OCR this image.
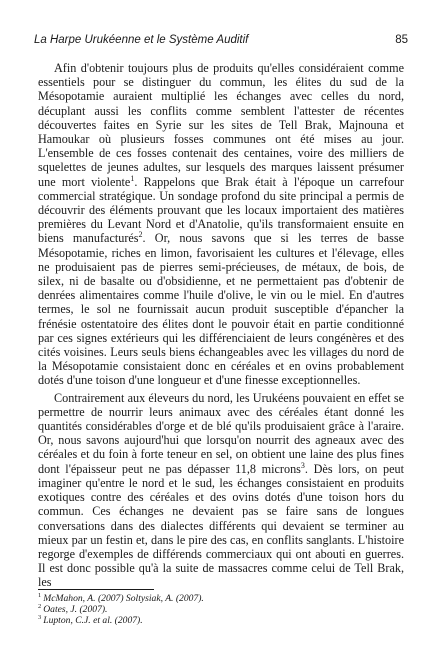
La Harpe Urukéenne et le Système Auditif	85

Afin d'obtenir toujours plus de produits qu'elles considéraient comme essentiels pour se distinguer du commun, les élites du sud de la Mésopotamie auraient multiplié les échanges avec celles du nord, décuplant aussi les conflits comme semblent l'attester de récentes découvertes faites en Syrie sur les sites de Tell Brak, Majnouna et Hamoukar où plusieurs fosses communes ont été mises au jour. L'ensemble de ces fosses contenait des centaines, voire des milliers de squelettes de jeunes adultes, sur lesquels des marques laissent présumer une mort violente$^1$. Rappelons que Brak était à l'époque un carrefour commercial stratégique. Un sondage profond du site principal a permis de découvrir des éléments prouvant que les locaux importaient des matières premières du Levant Nord et d'Anatolie, qu'ils transformaient ensuite en biens manufacturés$^2$. Or, nous savons que si les terres de basse Mésopotamie, riches en limon, favorisaient les cultures et l'élevage, elles ne produisaient pas de pierres semi-précieuses, de métaux, de bois, de silex, ni de basalte ou d'obsidienne, et ne permettaient pas d'obtenir de denrées alimentaires comme l'huile d'olive, le vin ou le miel. En d'autres termes, le sol ne fournissait aucun produit susceptible d'épancher la frénésie ostentatoire des élites dont le pouvoir était en partie conditionné par ces signes extérieurs qui les différenciaient de leurs congénères et des cités voisines. Leurs seuls biens échangeables avec les villages du nord de la Mésopotamie consistaient donc en céréales et en ovins probablement dotés d'une toison d'une longueur et d'une finesse exceptionnelles.

Contrairement aux éleveurs du nord, les Urukéens pouvaient en effet se permettre de nourrir leurs animaux avec des céréales étant donné les quantités considérables d'orge et de blé qu'ils produisaient grâce à l'araire. Or, nous savons aujourd'hui que lorsqu'on nourrit des agneaux avec des céréales et du foin à forte teneur en sel, on obtient une laine des plus fines dont l'épaisseur peut ne pas dépasser 11,8 microns$^3$. Dès lors, on peut imaginer qu'entre le nord et le sud, les échanges consistaient en produits exotiques contre des céréales et des ovins dotés d'une toison hors du commun. Ces échanges ne devaient pas se faire sans de longues conversations dans des dialectes différents qui devaient se terminer au mieux par un festin et, dans le pire des cas, en conflits sanglants. L'histoire regorge d'exemples de différends commerciaux qui ont abouti en guerres. Il est donc possible qu'à la suite de massacres comme celui de Tell Brak, les

$^1$ McMahon, A. (2007) Soltysiak, A. (2007).
$^2$ Oates, J. (2007).
$^3$ Lupton, C.J. et al. (2007).
